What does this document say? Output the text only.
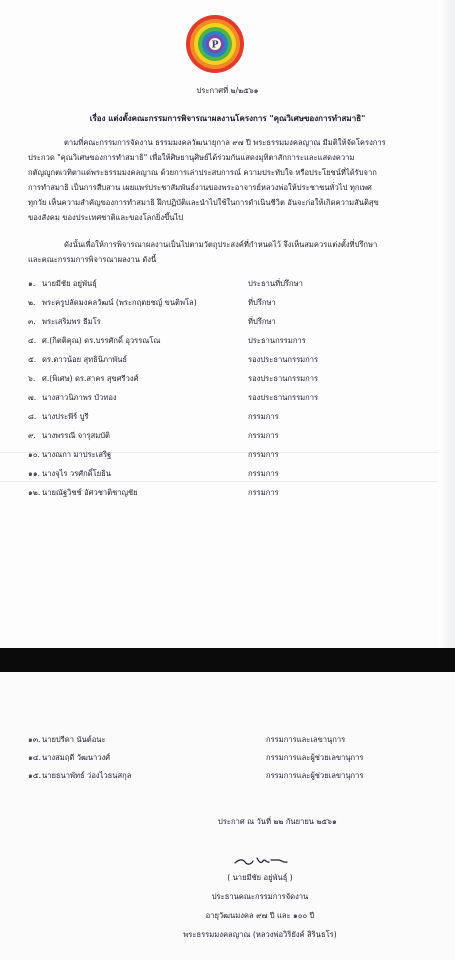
P
ประกาศที่ ๒/๒๕๖๑
เรื่อง แต่งตั้งคณะกรรมการพิจารณาผลงานโครงการ "คุณวิเศษของการทำสมาธิ"
ตามที่คณะกรรมการจัดงาน ธรรมมงคลวัฒนายุกาล ๙๗ ปี พระธรรมมงคลญาณ มีมติให้จัดโครงการ
ประกวด "คุณวิเศษของการทำสมาธิ" เพื่อให้ศิษยานุศิษย์ได้ร่วมกันแสดงมุทิตาสักการะและแสดงความ
กตัญญูกตเวทิตาแด่พระธรรมมงคลญาณ ด้วยการเล่าประสบการณ์ ความประทับใจ หรือประโยชน์ที่ได้รับจาก
การทำสมาธิ เป็นการสืบสาน เผยแพร่ประชาสัมพันธ์งานของพระอาจารย์หลวงพ่อให้ประชาชนทั่วไป ทุกเพศ
ทุกวัย เห็นความสำคัญของการทำสมาธิ ฝึกปฏิบัติและนำไปใช้ในการดำเนินชีวิต อันจะก่อให้เกิดความสันติสุข
ของสังคม ของประเทศชาติและของโลกยิ่งขึ้นไป
ดังนั้นเพื่อให้การพิจารณาผลงานเป็นไปตามวัตถุประสงค์ที่กำหนดไว้ จึงเห็นสมควรแต่งตั้งที่ปรึกษา
และคณะกรรมการพิจารณาผลงาน ดังนี้
๑. นายมีชัย อยู่พันธุ์	ประธานที่ปรึกษา
๒. พระครูปลัดมงคลวัฒน์ (พระกฤตยชญ์ ขนติพโล)	ที่ปรึกษา
๓. พระเสริมพร ธีมโร	ที่ปรึกษา
๔. ศ.(กิตติคุณ) ดร.บรรศักดิ์ อุวรรณโณ	ประธานกรรมการ
๕. ดร.ดาวน้อย สุทธินิภาพันธ์	รองประธานกรรมการ
๖. ศ.(พิเศษ) ดร.สาคร สุขศรีวงศ์	รองประธานกรรมการ
๗. นางสาวนิภาพร บัวทอง	รองประธานกรรมการ
๘. นางประพีร์ บูรี	กรรมการ
๙. นางพรรณี จารุสมบัติ	กรรมการ
๑๐. นางณกา มาประเสริฐ	กรรมการ
๑๑. นางจุไร วรศักดิ์โยธิน	กรรมการ
๑๒. นายณัฐวิชช์ อัศวชาติชาญชัย	กรรมการ
๑๓. นายปรีดา นันต์อนะ	กรรมการและเลขานุการ
๑๔. นางสมฤดี วัฒนาวงศ์	กรรมการและผู้ช่วยเลขานุการ
๑๕. นายธนาพัทธ์ ว่องไวธนสกุล	กรรมการและผู้ช่วยเลขานุการ
ประกาศ ณ วันที่ ๒๒ กันยายน ๒๕๖๑
( นายมีชัย อยู่พันธุ์ )
ประธานคณะกรรมการจัดงาน
อายุวัฒนมงคล ๙๗ ปี และ ๑๐๐ ปี
พระธรรมมงคลญาณ (หลวงพ่อวิริยังค์ สิรินธโร)
